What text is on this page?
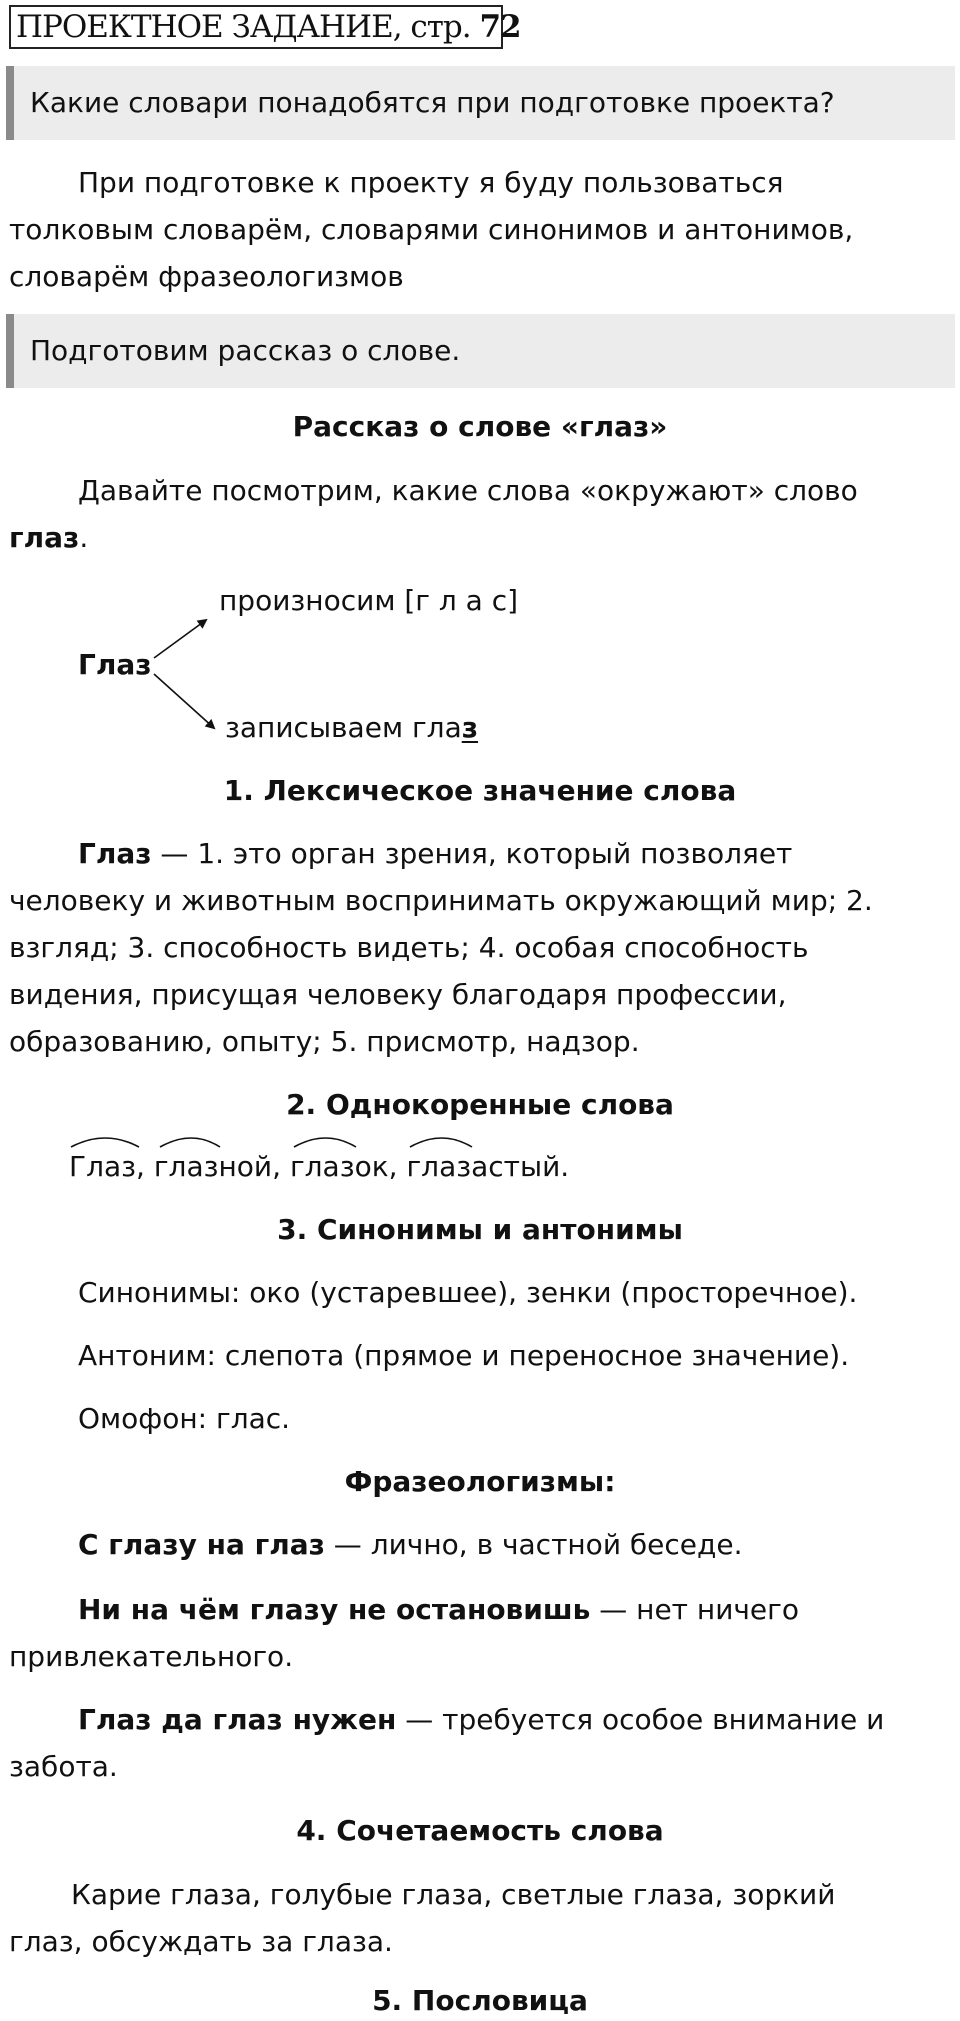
ПРОЕКТНОЕ ЗАДАНИЕ, стр. 72
Какие словари понадобятся при подготовке проекта?
При подготовке к проекту я буду пользоваться
толковым словарём, словарями синонимов и антонимов,
словарём фразеологизмов
Подготовим рассказ о слове.
Рассказ о слове «глаз»
Давайте посмотрим, какие слова «окружают» слово
глаз.
произносим [г л а с]
Глаз
записываем глаз
1. Лексическое значение слова
Глаз — 1. это орган зрения, который позволяет
человеку и животным воспринимать окружающий мир; 2.
взгляд; 3. способность видеть; 4. особая способность
видения, присущая человеку благодаря профессии,
образованию, опыту; 5. присмотр, надзор.
2. Однокоренные слова
Глаз,
глазной,
глазок,
глазастый.
3. Синонимы и антонимы
Синонимы: око (устаревшее), зенки (просторечное).
Антоним: слепота (прямое и переносное значение).
Омофон: глас.
Фразеологизмы:
С глазу на глаз — лично, в частной беседе.
Ни на чём глазу не остановишь — нет ничего
привлекательного.
Глаз да глаз нужен — требуется особое внимание и
забота.
4. Сочетаемость слова
Карие глаза, голубые глаза, светлые глаза, зоркий
глаз, обсуждать за глаза.
5. Пословица
